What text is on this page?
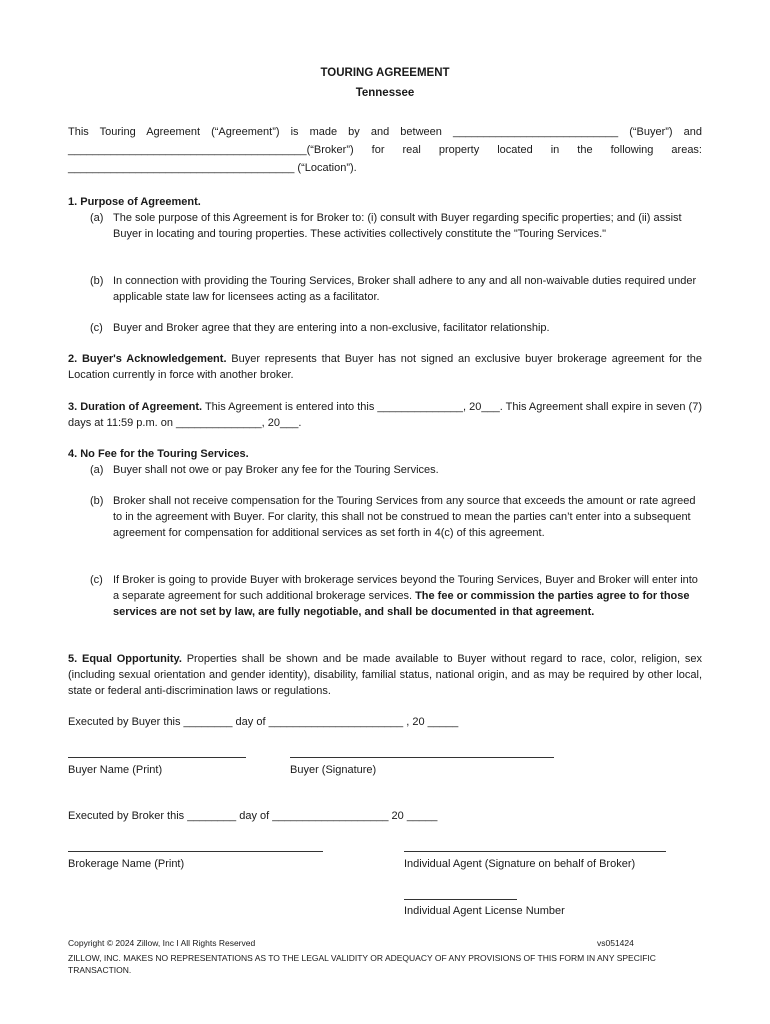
TOURING AGREEMENT
Tennessee
This Touring Agreement (“Agreement”) is made by and between ___________________________ (“Buyer”) and
_______________________________________(“Broker”) for real property located in the following areas:
_____________________________________ (“Location”).
1. Purpose of Agreement.
(a) The sole purpose of this Agreement is for Broker to: (i) consult with Buyer regarding specific properties; and (ii) assist Buyer in locating and touring properties. These activities collectively constitute the "Touring Services."
(b) In connection with providing the Touring Services, Broker shall adhere to any and all non-waivable duties required under applicable state law for licensees acting as a facilitator.
(c) Buyer and Broker agree that they are entering into a non-exclusive, facilitator relationship.
2. Buyer's Acknowledgement. Buyer represents that Buyer has not signed an exclusive buyer brokerage agreement for the Location currently in force with another broker.
3. Duration of Agreement. This Agreement is entered into this ______________, 20___. This Agreement shall expire in seven (7) days at 11:59 p.m. on ______________, 20___.
4. No Fee for the Touring Services.
(a) Buyer shall not owe or pay Broker any fee for the Touring Services.
(b) Broker shall not receive compensation for the Touring Services from any source that exceeds the amount or rate agreed to in the agreement with Buyer. For clarity, this shall not be construed to mean the parties can’t enter into a subsequent agreement for compensation for additional services as set forth in 4(c) of this agreement.
(c) If Broker is going to provide Buyer with brokerage services beyond the Touring Services, Buyer and Broker will enter into a separate agreement for such additional brokerage services. The fee or commission the parties agree to for those services are not set by law, are fully negotiable, and shall be documented in that agreement.
5. Equal Opportunity. Properties shall be shown and be made available to Buyer without regard to race, color, religion, sex (including sexual orientation and gender identity), disability, familial status, national origin, and as may be required by other local, state or federal anti-discrimination laws or regulations.
Executed by Buyer this ________ day of ______________________ , 20 _____
Buyer Name (Print)	Buyer (Signature)
Executed by Broker this ________ day of ___________________ 20 _____
Brokerage Name (Print)	Individual Agent (Signature on behalf of Broker)
Individual Agent License Number
Copyright © 2024 Zillow, Inc I All Rights Reserved	vs051424
ZILLOW, INC. MAKES NO REPRESENTATIONS AS TO THE LEGAL VALIDITY OR ADEQUACY OF ANY PROVISIONS OF THIS FORM IN ANY SPECIFIC TRANSACTION.
